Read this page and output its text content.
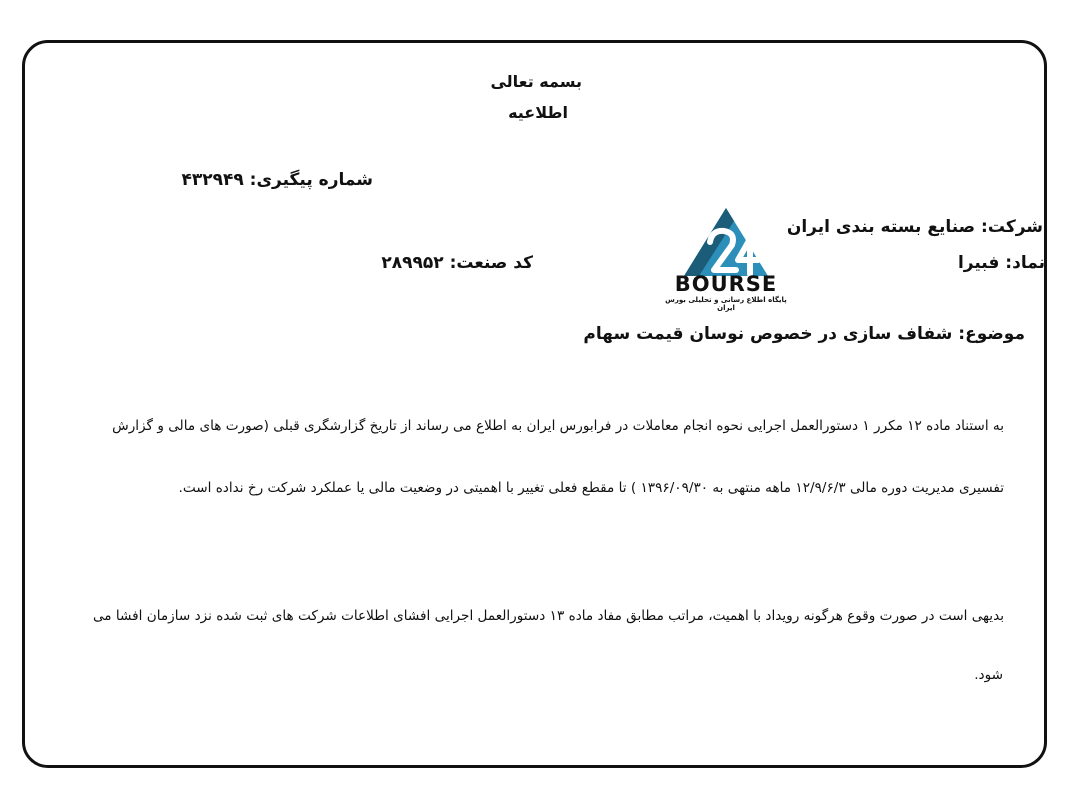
بسمه تعالی
اطلاعیه
شماره پیگیری: ۴۳۲۹۴۹
شرکت: صنایع بسته بندی ایران
نماد: فبیرا
کد صنعت: ۲۸۹۹۵۲
BOURSE
پایگاه اطلاع رسانی و تحلیلی بورس ایران
موضوع: شفاف سازی در خصوص نوسان قیمت سهام
به استناد ماده ۱۲ مکرر ۱ دستورالعمل اجرایی نحوه انجام معاملات در فرابورس ایران به اطلاع می رساند از تاریخ گزارشگری قبلی (صورت های مالی و گزارش
تفسیری مدیریت دوره مالی ۱۲/۹/۶/۳ ماهه منتهی به ۱۳۹۶/۰۹/۳۰ ) تا مقطع فعلی تغییر با اهمیتی در وضعیت مالی یا عملکرد شرکت رخ نداده است.
بدیهی است در صورت وقوع هرگونه رویداد با اهمیت، مراتب مطابق مفاد ماده ۱۳ دستورالعمل اجرایی افشای اطلاعات شرکت های ثبت شده نزد سازمان افشا می
شود.
